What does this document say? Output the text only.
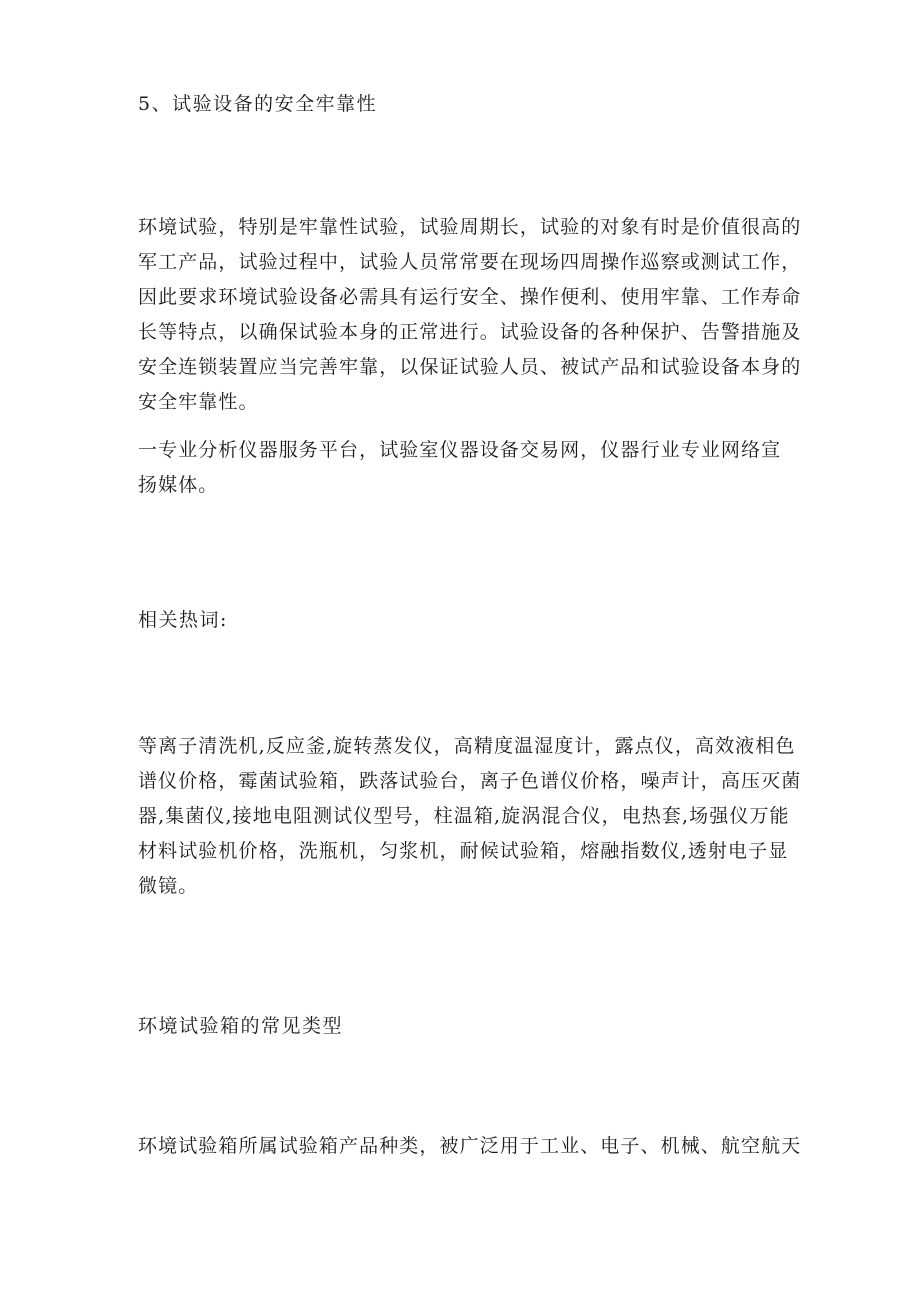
5、试验设备的安全牢靠性
环境试验，特别是牢靠性试验，试验周期长，试验的对象有时是价值很高的
军工产品，试验过程中，试验人员常常要在现场四周操作巡察或测试工作，
因此要求环境试验设备必需具有运行安全、操作便利、使用牢靠、工作寿命
长等特点，以确保试验本身的正常进行。试验设备的各种保护、告警措施及
安全连锁装置应当完善牢靠，以保证试验人员、被试产品和试验设备本身的
安全牢靠性。
一专业分析仪器服务平台，试验室仪器设备交易网，仪器行业专业网络宣
扬媒体。
相关热词:
等离子清洗机,反应釜,旋转蒸发仪，高精度温湿度计，露点仪，高效液相色
谱仪价格，霉菌试验箱，跌落试验台，离子色谱仪价格，噪声计，高压灭菌
器,集菌仪,接地电阻测试仪型号，柱温箱,旋涡混合仪，电热套,场强仪万能
材料试验机价格，洗瓶机，匀浆机，耐候试验箱，熔融指数仪,透射电子显
微镜。
环境试验箱的常见类型
环境试验箱所属试验箱产品种类，被广泛用于工业、电子、机械、航空航天
